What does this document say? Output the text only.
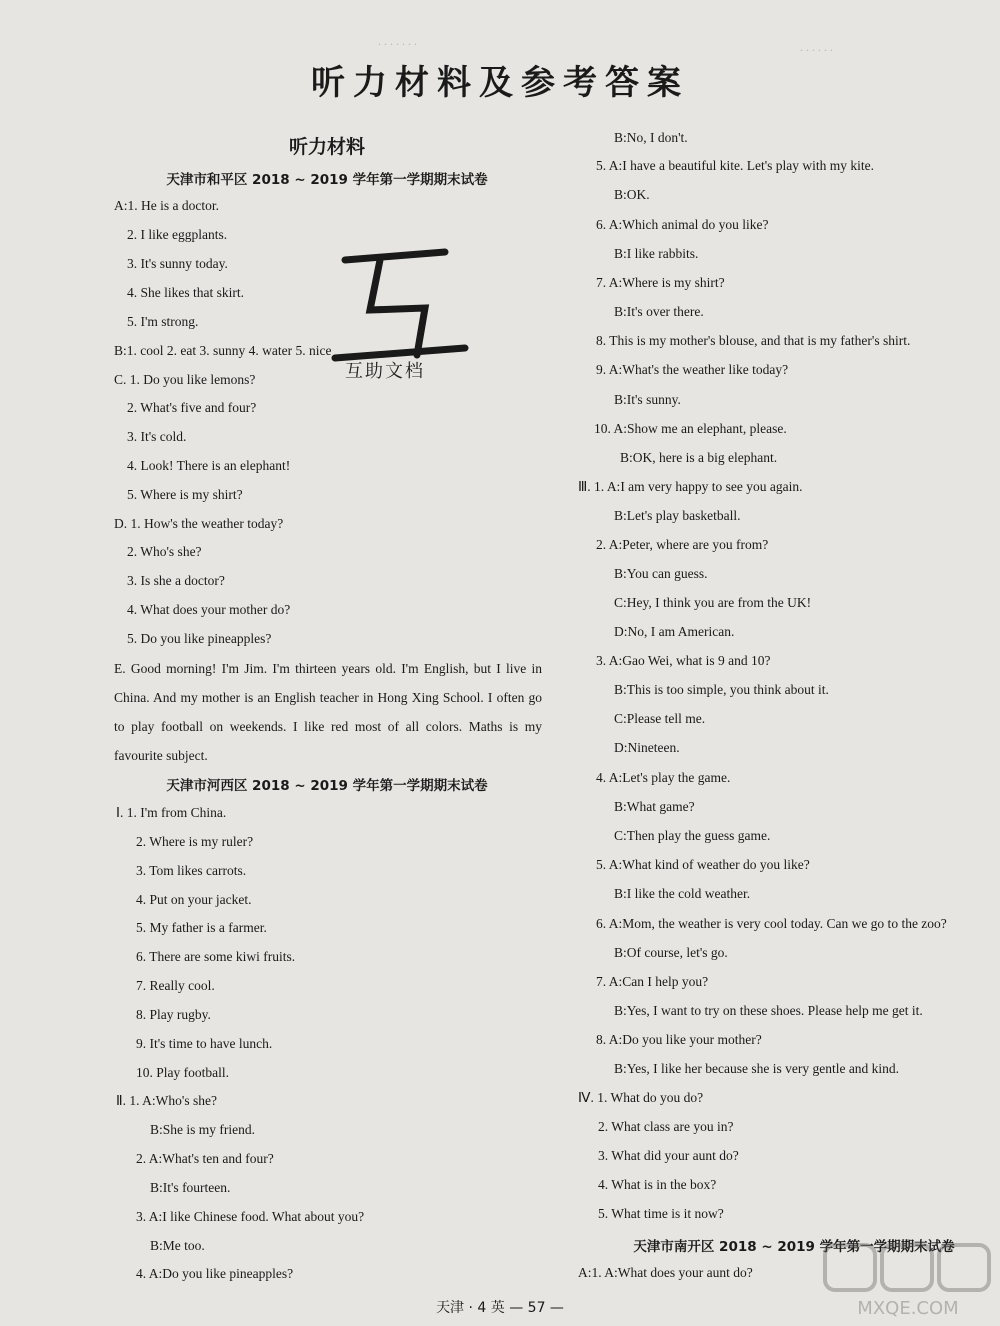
. . . . . . .	. . . . . .
听力材料及参考答案
听力材料
天津市和平区 2018 ~ 2019 学年第一学期期末试卷
A:1. He is a doctor.
2. I like eggplants.
3. It's sunny today.
4. She likes that skirt.
5. I'm strong.
B:1. cool 2. eat 3. sunny 4. water 5. nice
C. 1. Do you like lemons?
2. What's five and four?
3. It's cold.
4. Look! There is an elephant!
5. Where is my shirt?
D. 1. How's the weather today?
2. Who's she?
3. Is she a doctor?
4. What does your mother do?
5. Do you like pineapples?
E. Good morning! I'm Jim. I'm thirteen years old. I'm English, but I live in China. And my mother is an English teacher in Hong Xing School. I often go to play football on weekends. I like red most of all colors. Maths is my favourite subject.
天津市河西区 2018 ~ 2019 学年第一学期期末试卷
Ⅰ. 1. I'm from China.
2. Where is my ruler?
3. Tom likes carrots.
4. Put on your jacket.
5. My father is a farmer.
6. There are some kiwi fruits.
7. Really cool.
8. Play rugby.
9. It's time to have lunch.
10. Play football.
Ⅱ. 1. A:Who's she?
B:She is my friend.
2. A:What's ten and four?
B:It's fourteen.
3. A:I like Chinese food. What about you?
B:Me too.
4. A:Do you like pineapples?
互助文档
B:No, I don't.
5. A:I have a beautiful kite. Let's play with my kite.
B:OK.
6. A:Which animal do you like?
B:I like rabbits.
7. A:Where is my shirt?
B:It's over there.
8. This is my mother's blouse, and that is my father's shirt.
9. A:What's the weather like today?
B:It's sunny.
10. A:Show me an elephant, please.
B:OK, here is a big elephant.
Ⅲ. 1. A:I am very happy to see you again.
B:Let's play basketball.
2. A:Peter, where are you from?
B:You can guess.
C:Hey, I think you are from the UK!
D:No, I am American.
3. A:Gao Wei, what is 9 and 10?
B:This is too simple, you think about it.
C:Please tell me.
D:Nineteen.
4. A:Let's play the game.
B:What game?
C:Then play the guess game.
5. A:What kind of weather do you like?
B:I like the cold weather.
6. A:Mom, the weather is very cool today. Can we go to the zoo?
B:Of course, let's go.
7. A:Can I help you?
B:Yes, I want to try on these shoes. Please help me get it.
8. A:Do you like your mother?
B:Yes, I like her because she is very gentle and kind.
Ⅳ. 1. What do you do?
2. What class are you in?
3. What did your aunt do?
4. What is in the box?
5. What time is it now?
天津市南开区 2018 ~ 2019 学年第一学期期末试卷
A:1. A:What does your aunt do?
天津 · 4 英 — 57 —	MXQE.COM
